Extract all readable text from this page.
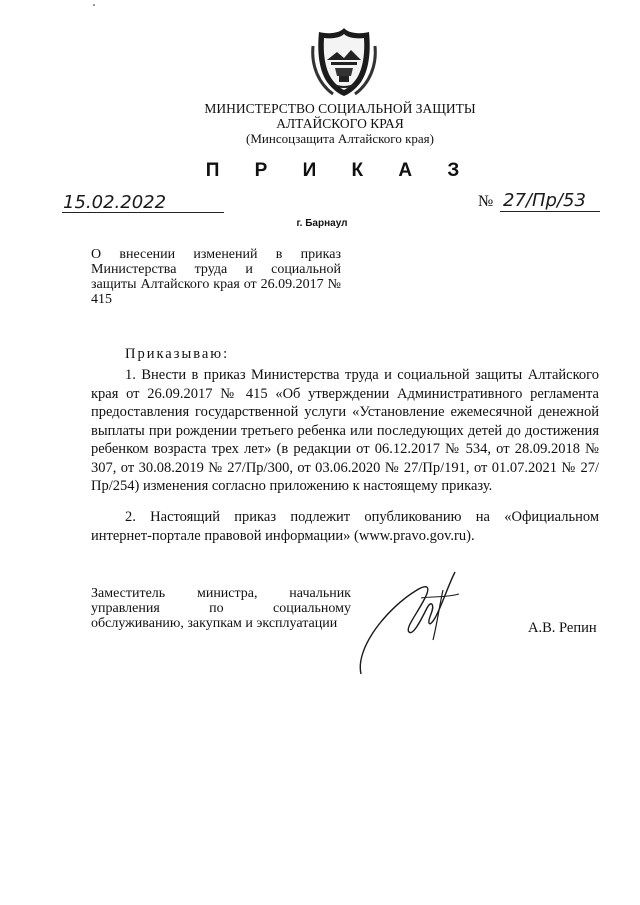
МИНИСТЕРСТВО СОЦИАЛЬНОЙ ЗАЩИТЫ
АЛТАЙСКОГО КРАЯ
(Минсоцзащита Алтайского края)
П Р И К А З
15.02.2022	№ 27/Пр/53
г. Барнаул
О внесении изменений в приказ Министерства труда и социальной защиты Алтайского края от 26.09.2017 № 415
Приказываю:
1. Внести в приказ Министерства труда и социальной защиты Алтайского края от 26.09.2017 № 415 «Об утверждении Административного регламента предоставления государственной услуги «Установление ежемесячной денежной выплаты при рождении третьего ребенка или последующих детей до достижения ребенком возраста трех лет» (в редакции от 06.12.2017 № 534, от 28.09.2018 № 307, от 30.08.2019 № 27/Пр/300, от 03.06.2020 № 27/Пр/191, от 01.07.2021 № 27/Пр/254) изменения согласно приложению к настоящему приказу.
2. Настоящий приказ подлежит опубликованию на «Официальном интернет-портале правовой информации» (www.pravo.gov.ru).
Заместитель министра, начальник управления по социальному обслуживанию, закупкам и эксплуатации	А.В. Репин
